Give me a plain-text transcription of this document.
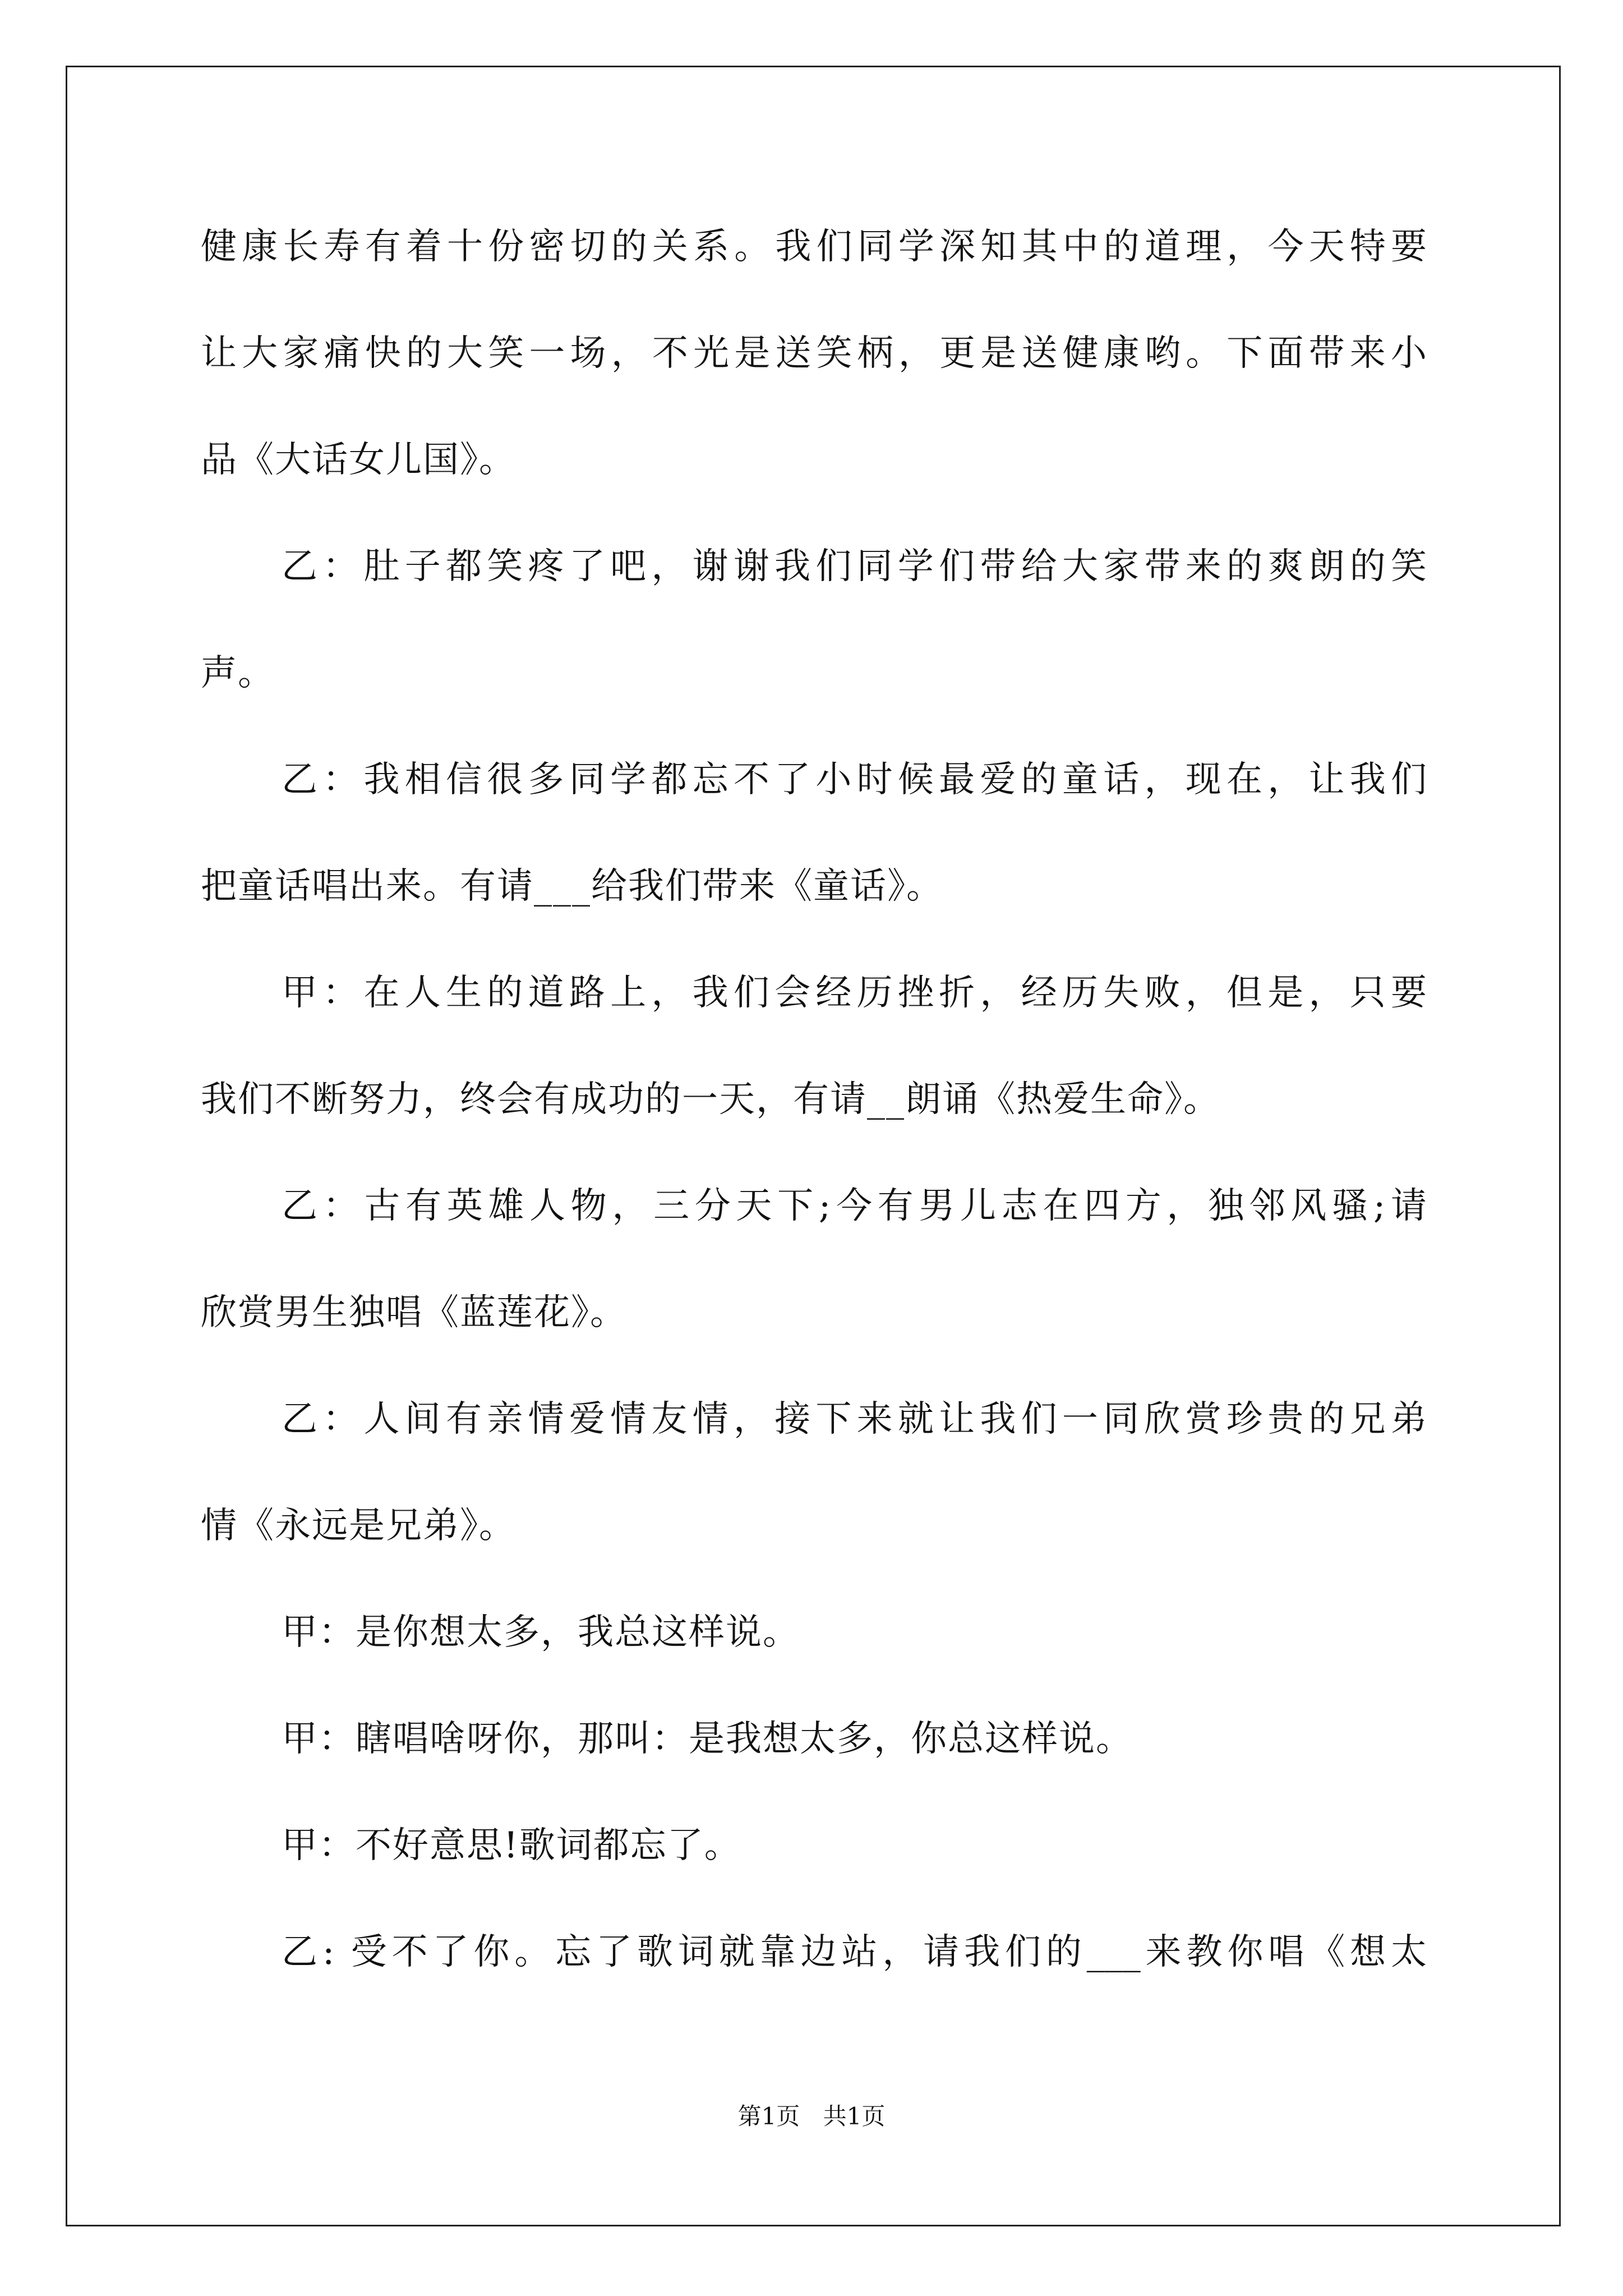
健康长寿有着十份密切的关系。我们同学深知其中的道理，今天特要
让大家痛快的大笑一场，不光是送笑柄，更是送健康哟。下面带来小
品《大话女儿国》。
乙：肚子都笑疼了吧，谢谢我们同学们带给大家带来的爽朗的笑
声。
乙：我相信很多同学都忘不了小时候最爱的童话，现在，让我们
把童话唱出来。有请___给我们带来《童话》。
甲：在人生的道路上，我们会经历挫折，经历失败，但是，只要
我们不断努力，终会有成功的一天，有请__朗诵《热爱生命》。
乙：古有英雄人物，三分天下;今有男儿志在四方，独邻风骚;请
欣赏男生独唱《蓝莲花》。
乙：人间有亲情爱情友情，接下来就让我们一同欣赏珍贵的兄弟
情《永远是兄弟》。
甲：是你想太多，我总这样说。
甲：瞎唱啥呀你，那叫：是我想太多，你总这样说。
甲：不好意思!歌词都忘了。
乙: 受不了你。忘了歌词就靠边站，请我们的___来教你唱《想太
第1页 共1页
